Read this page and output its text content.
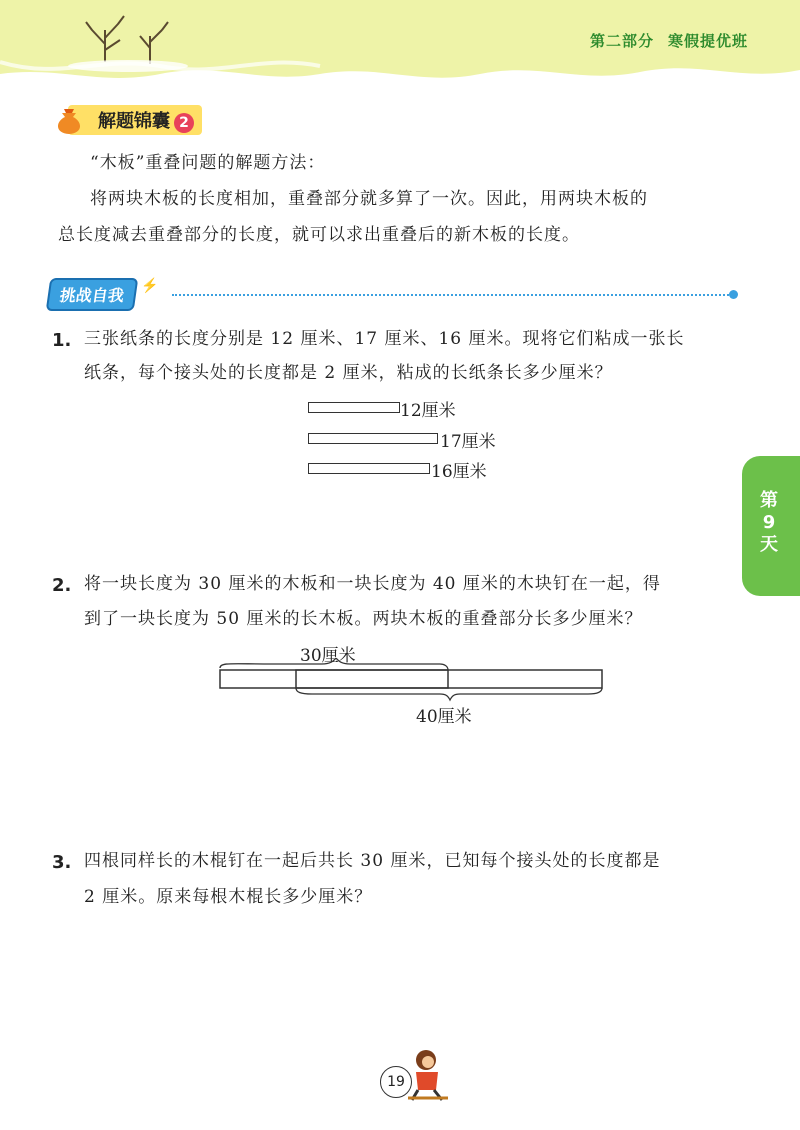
第二部分 寒假提优班
解题锦囊 2
“木板”重叠问题的解题方法：
将两块木板的长度相加，重叠部分就多算了一次。因此，用两块木板的
总长度减去重叠部分的长度，就可以求出重叠后的新木板的长度。
挑战自我 ⚡
1. 三张纸条的长度分别是 12 厘米、17 厘米、16 厘米。现将它们粘成一张长
纸条，每个接头处的长度都是 2 厘米，粘成的长纸条长多少厘米？
12厘米
17厘米
16厘米
第
9
天
2. 将一块长度为 30 厘米的木板和一块长度为 40 厘米的木块钉在一起，得
到了一块长度为 50 厘米的长木板。两块木板的重叠部分长多少厘米？
30厘米
40厘米
3. 四根同样长的木棍钉在一起后共长 30 厘米，已知每个接头处的长度都是
2 厘米。原来每根木棍长多少厘米？
19
